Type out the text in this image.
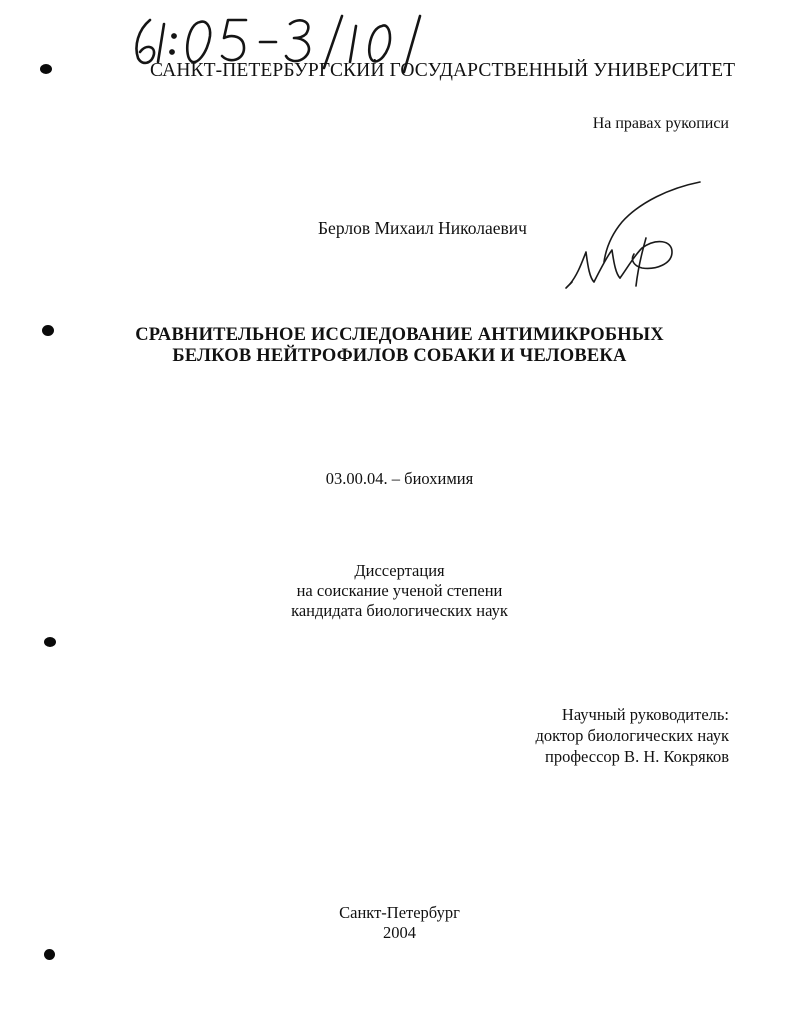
САНКТ-ПЕТЕРБУРГСКИЙ ГОСУДАРСТВЕННЫЙ УНИВЕРСИТЕТ
На правах рукописи
Берлов Михаил Николаевич
СРАВНИТЕЛЬНОЕ ИССЛЕДОВАНИЕ АНТИМИКРОБНЫХ
БЕЛКОВ НЕЙТРОФИЛОВ СОБАКИ И ЧЕЛОВЕКА
03.00.04. – биохимия
Диссертация
на соискание ученой степени
кандидата биологических наук
Научный руководитель:
доктор биологических наук
профессор В. Н. Кокряков
Санкт-Петербург
2004
